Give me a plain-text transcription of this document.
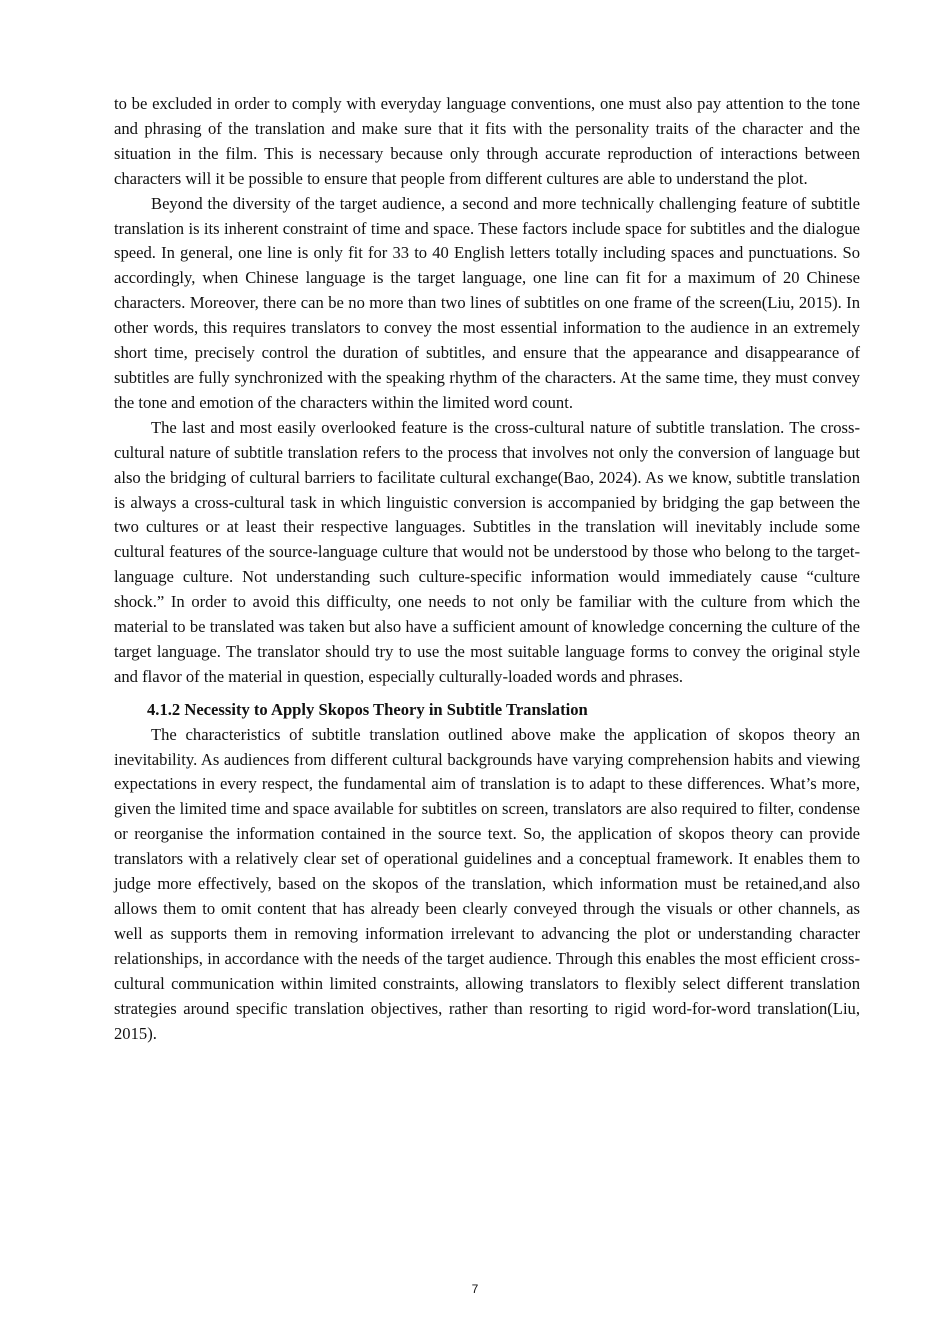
to be excluded in order to comply with everyday language conventions, one must also pay attention to the tone and phrasing of the translation and make sure that it fits with the personality traits of the character and the situation in the film. This is necessary because only through accurate reproduction of interactions between characters will it be possible to ensure that people from different cultures are able to understand the plot.

Beyond the diversity of the target audience, a second and more technically challenging feature of subtitle translation is its inherent constraint of time and space. These factors include space for subtitles and the dialogue speed. In general, one line is only fit for 33 to 40 English letters totally including spaces and punctuations. So accordingly, when Chinese language is the target language, one line can fit for a maximum of 20 Chinese characters. Moreover, there can be no more than two lines of subtitles on one frame of the screen(Liu, 2015). In other words, this requires translators to convey the most essential information to the audience in an extremely short time, precisely control the duration of subtitles, and ensure that the appearance and disappearance of subtitles are fully synchronized with the speaking rhythm of the characters. At the same time, they must convey the tone and emotion of the characters within the limited word count.

The last and most easily overlooked feature is the cross-cultural nature of subtitle translation. The cross-cultural nature of subtitle translation refers to the process that involves not only the conversion of language but also the bridging of cultural barriers to facilitate cultural exchange(Bao, 2024). As we know, subtitle translation is always a cross-cultural task in which linguistic conversion is accompanied by bridging the gap between the two cultures or at least their respective languages. Subtitles in the translation will inevitably include some cultural features of the source-language culture that would not be understood by those who belong to the target-language culture. Not understanding such culture-specific information would immediately cause “culture shock.” In order to avoid this difficulty, one needs to not only be familiar with the culture from which the material to be translated was taken but also have a sufficient amount of knowledge concerning the culture of the target language. The translator should try to use the most suitable language forms to convey the original style and flavor of the material in question, especially culturally-loaded words and phrases.

4.1.2 Necessity to Apply Skopos Theory in Subtitle Translation

The characteristics of subtitle translation outlined above make the application of skopos theory an inevitability. As audiences from different cultural backgrounds have varying comprehension habits and viewing expectations in every respect, the fundamental aim of translation is to adapt to these differences. What’s more, given the limited time and space available for subtitles on screen, translators are also required to filter, condense or reorganise the information contained in the source text. So, the application of skopos theory can provide translators with a relatively clear set of operational guidelines and a conceptual framework. It enables them to judge more effectively, based on the skopos of the translation, which information must be retained,and also allows them to omit content that has already been clearly conveyed through the visuals or other channels, as well as supports them in removing information irrelevant to advancing the plot or understanding character relationships, in accordance with the needs of the target audience. Through this enables the most efficient cross-cultural communication within limited constraints, allowing translators to flexibly select different translation strategies around specific translation objectives, rather than resorting to rigid word-for-word translation(Liu, 2015).

7
